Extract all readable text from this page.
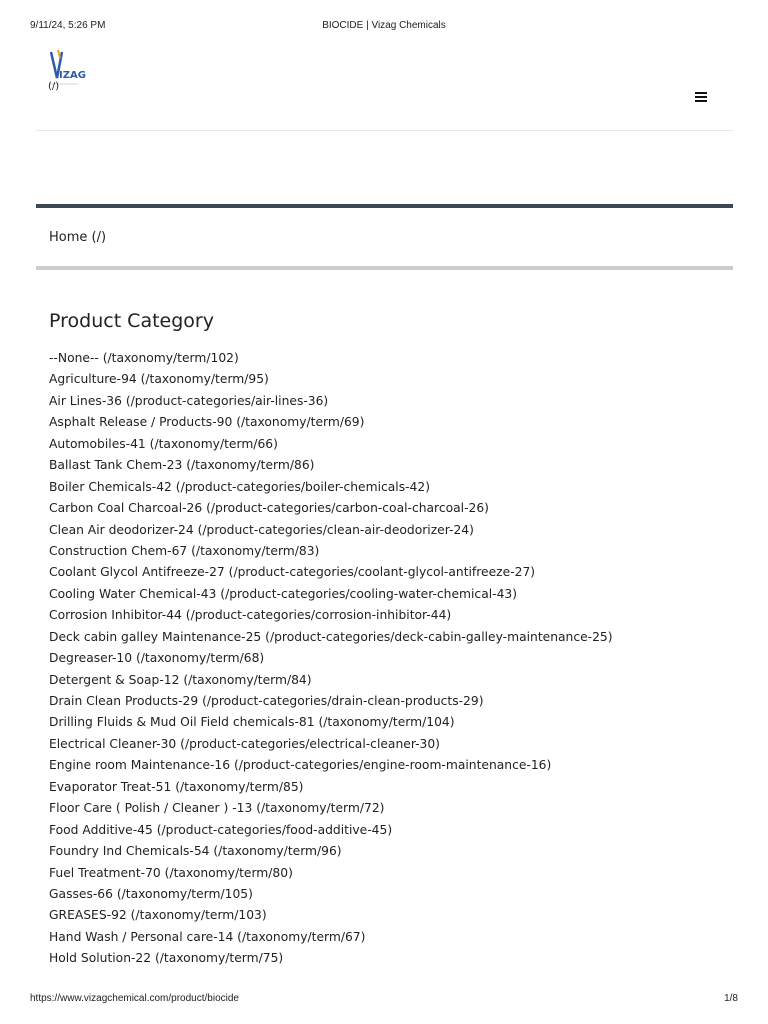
9/11/24, 5:26 PM	BIOCIDE | Vizag Chemicals
IZAG
(/)
Home (/)
Product Category
--None-- (/taxonomy/term/102)
Agriculture-94 (/taxonomy/term/95)
Air Lines-36 (/product-categories/air-lines-36)
Asphalt Release / Products-90 (/taxonomy/term/69)
Automobiles-41 (/taxonomy/term/66)
Ballast Tank Chem-23 (/taxonomy/term/86)
Boiler Chemicals-42 (/product-categories/boiler-chemicals-42)
Carbon Coal Charcoal-26 (/product-categories/carbon-coal-charcoal-26)
Clean Air deodorizer-24 (/product-categories/clean-air-deodorizer-24)
Construction Chem-67 (/taxonomy/term/83)
Coolant Glycol Antifreeze-27 (/product-categories/coolant-glycol-antifreeze-27)
Cooling Water Chemical-43 (/product-categories/cooling-water-chemical-43)
Corrosion Inhibitor-44 (/product-categories/corrosion-inhibitor-44)
Deck cabin galley Maintenance-25 (/product-categories/deck-cabin-galley-maintenance-25)
Degreaser-10 (/taxonomy/term/68)
Detergent & Soap-12 (/taxonomy/term/84)
Drain Clean Products-29 (/product-categories/drain-clean-products-29)
Drilling Fluids & Mud Oil Field chemicals-81 (/taxonomy/term/104)
Electrical Cleaner-30 (/product-categories/electrical-cleaner-30)
Engine room Maintenance-16 (/product-categories/engine-room-maintenance-16)
Evaporator Treat-51 (/taxonomy/term/85)
Floor Care ( Polish / Cleaner ) -13 (/taxonomy/term/72)
Food Additive-45 (/product-categories/food-additive-45)
Foundry Ind Chemicals-54 (/taxonomy/term/96)
Fuel Treatment-70 (/taxonomy/term/80)
Gasses-66 (/taxonomy/term/105)
GREASES-92 (/taxonomy/term/103)
Hand Wash / Personal care-14 (/taxonomy/term/67)
Hold Solution-22 (/taxonomy/term/75)
https://www.vizagchemical.com/product/biocide	1/8
